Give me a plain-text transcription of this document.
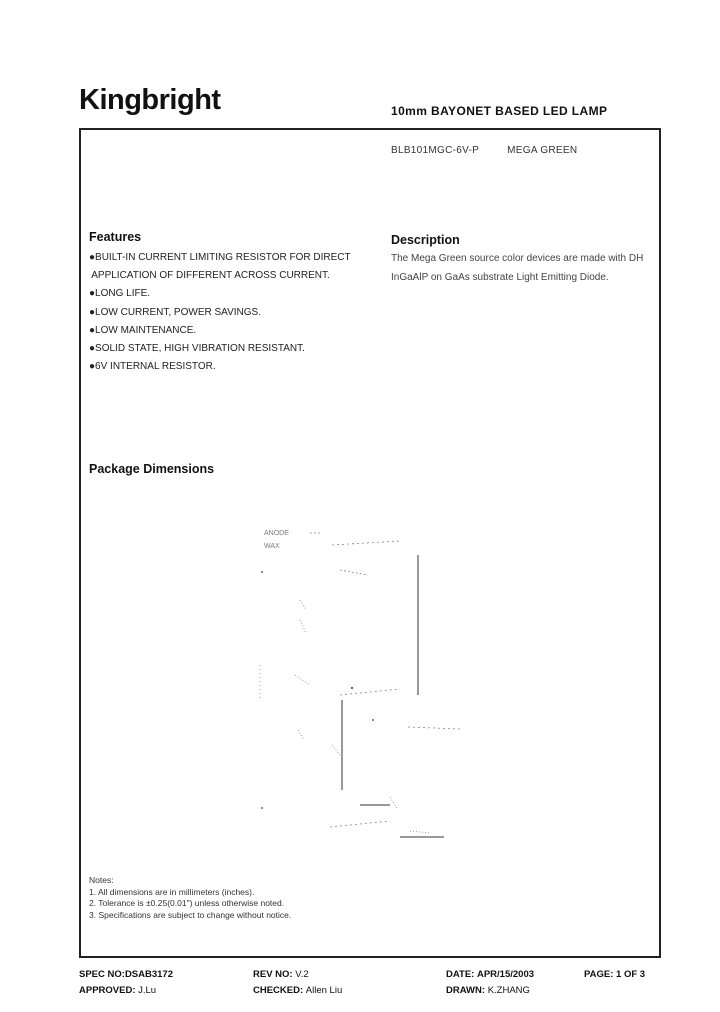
Kingbright	10mm BAYONET BASED LED LAMP
BLB101MGC-6V-P	MEGA GREEN
Features
●BUILT-IN CURRENT LIMITING RESISTOR FOR DIRECT
APPLICATION OF DIFFERENT ACROSS CURRENT.
●LONG LIFE.
●LOW CURRENT, POWER SAVINGS.
●LOW MAINTENANCE.
●SOLID STATE, HIGH VIBRATION RESISTANT.
●6V INTERNAL RESISTOR.
Description
The Mega Green source color devices are made with DH InGaAlP on GaAs substrate Light Emitting Diode.
Package Dimensions
ANODE
WAX
Notes:
1. All dimensions are in millimeters (inches).
2. Tolerance is ±0.25(0.01") unless otherwise noted.
3. Specifications are subject to change without notice.
SPEC NO:DSAB3172	REV NO: V.2	DATE: APR/15/2003	PAGE: 1 OF 3
APPROVED: J.Lu	CHECKED: Allen Liu	DRAWN: K.ZHANG
